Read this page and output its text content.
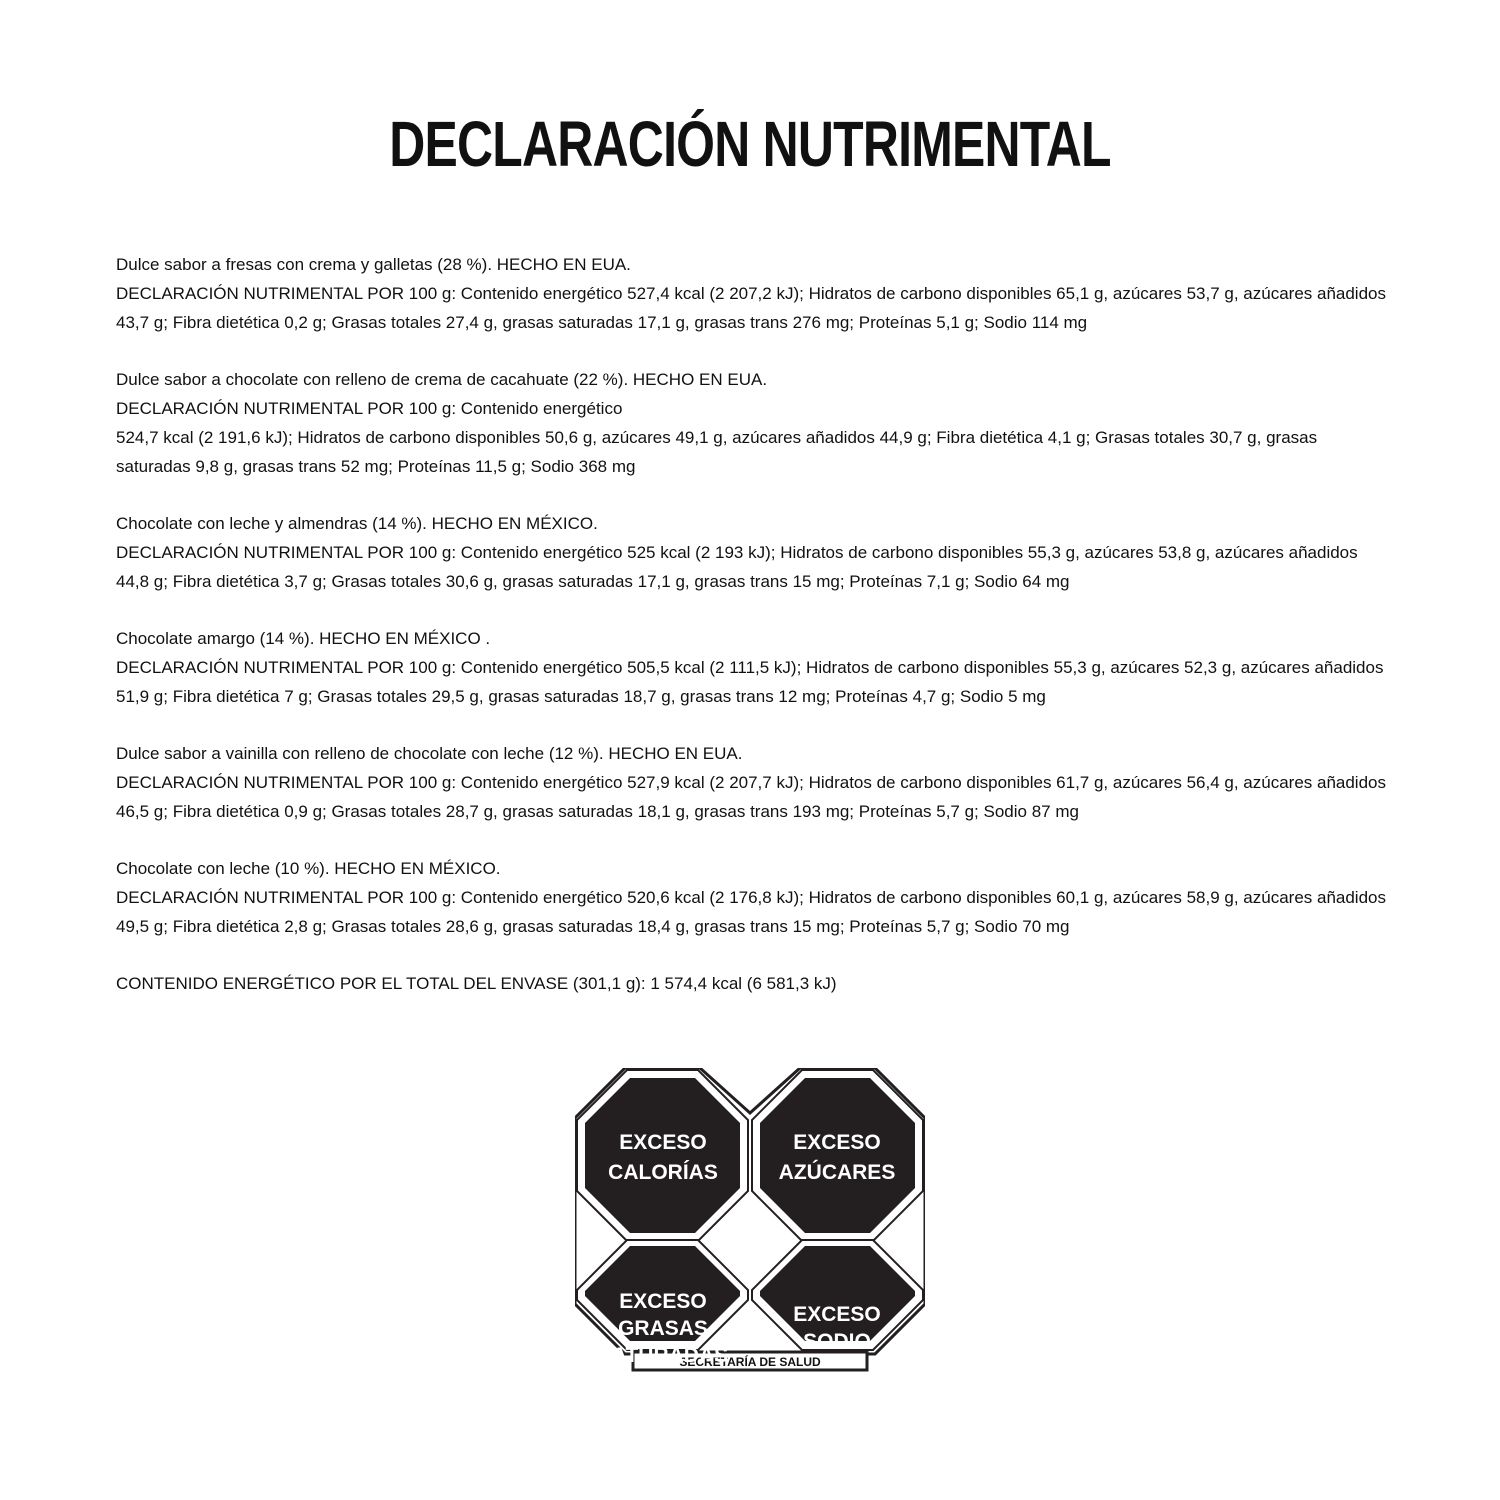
DECLARACIÓN NUTRIMENTAL
Dulce sabor a fresas con crema y galletas (28 %). HECHO EN EUA.
DECLARACIÓN NUTRIMENTAL POR 100 g: Contenido energético 527,4 kcal (2 207,2 kJ); Hidratos de carbono disponibles 65,1 g, azúcares 53,7 g, azúcares añadidos 43,7 g; Fibra dietética 0,2 g; Grasas totales 27,4 g, grasas saturadas 17,1 g, grasas trans 276 mg; Proteínas 5,1 g; Sodio 114 mg
Dulce sabor a chocolate con relleno de crema de cacahuate (22 %). HECHO EN EUA.
DECLARACIÓN NUTRIMENTAL POR 100 g: Contenido energético
524,7 kcal (2 191,6 kJ); Hidratos de carbono disponibles 50,6 g, azúcares 49,1 g, azúcares añadidos 44,9 g; Fibra dietética 4,1 g; Grasas totales 30,7 g, grasas saturadas 9,8 g, grasas trans 52 mg; Proteínas 11,5 g; Sodio 368 mg
Chocolate con leche y almendras (14 %). HECHO EN MÉXICO.
DECLARACIÓN NUTRIMENTAL POR 100 g: Contenido energético 525 kcal (2 193 kJ); Hidratos de carbono disponibles 55,3 g, azúcares 53,8 g, azúcares añadidos 44,8 g; Fibra dietética 3,7 g; Grasas totales 30,6 g, grasas saturadas 17,1 g, grasas trans 15 mg; Proteínas 7,1 g; Sodio 64 mg
Chocolate amargo (14 %). HECHO EN MÉXICO .
DECLARACIÓN NUTRIMENTAL POR 100 g: Contenido energético 505,5 kcal (2 111,5 kJ); Hidratos de carbono disponibles 55,3 g, azúcares 52,3 g, azúcares añadidos 51,9 g; Fibra dietética 7 g; Grasas totales 29,5 g, grasas saturadas 18,7 g, grasas trans 12 mg; Proteínas 4,7 g; Sodio 5 mg
Dulce sabor a vainilla con relleno de chocolate con leche (12 %). HECHO EN EUA.
DECLARACIÓN NUTRIMENTAL POR 100 g: Contenido energético 527,9 kcal (2 207,7 kJ); Hidratos de carbono disponibles 61,7 g, azúcares 56,4 g, azúcares añadidos 46,5 g; Fibra dietética 0,9 g; Grasas totales 28,7 g, grasas saturadas 18,1 g, grasas trans 193 mg; Proteínas 5,7 g; Sodio 87 mg
Chocolate con leche (10 %). HECHO EN MÉXICO.
DECLARACIÓN NUTRIMENTAL POR 100 g: Contenido energético 520,6 kcal (2 176,8 kJ); Hidratos de carbono disponibles 60,1 g, azúcares 58,9 g, azúcares añadidos 49,5 g; Fibra dietética 2,8 g; Grasas totales 28,6 g, grasas saturadas 18,4 g, grasas trans 15 mg; Proteínas 5,7 g; Sodio 70 mg

CONTENIDO ENERGÉTICO POR EL TOTAL DEL ENVASE (301,1 g): 1 574,4 kcal (6 581,3 kJ)

SECRETARÍA DE SALUD
EXCESO
CALORÍAS
EXCESO
AZÚCARES
EXCESO
GRASAS
SATURADAS
EXCESO
SODIO
